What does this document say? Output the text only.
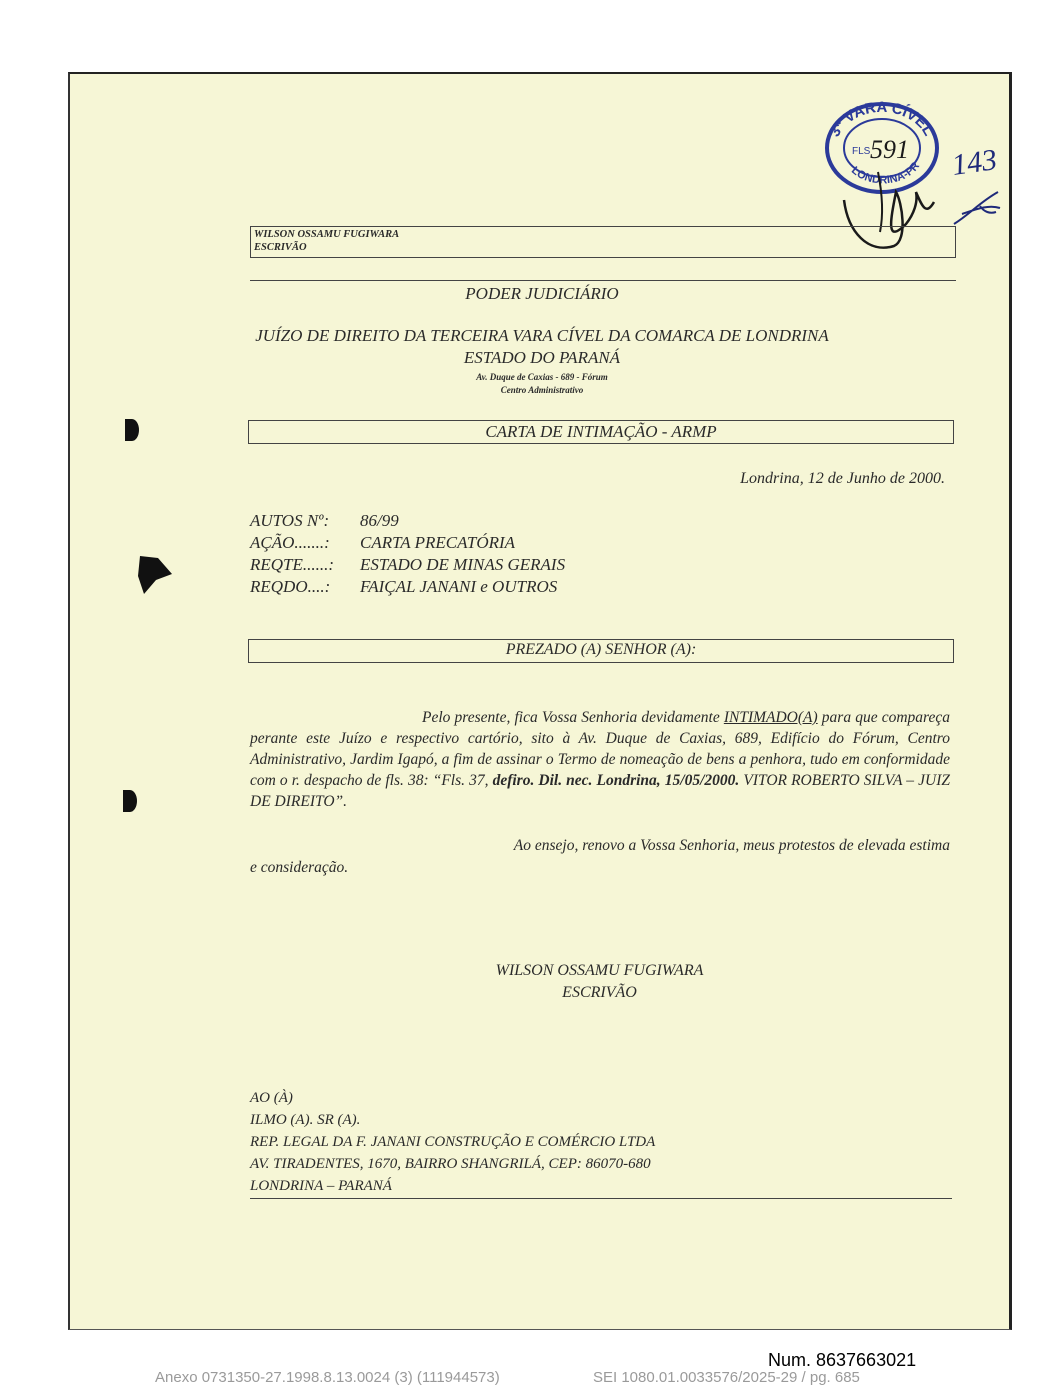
3ª VARA CÍVEL
LONDRINA-PR
FLS 591 143
WILSON OSSAMU FUGIWARA
ESCRIVÃO
PODER JUDICIÁRIO
JUÍZO DE DIREITO DA TERCEIRA VARA CÍVEL DA COMARCA DE LONDRINA
ESTADO DO PARANÁ
Av. Duque de Caxias - 689 - Fórum
Centro Administrativo
CARTA DE INTIMAÇÃO - ARMP
Londrina, 12 de Junho de 2000.
AUTOS Nº: 86/99
AÇÃO.......: CARTA PRECATÓRIA
REQTE......: ESTADO DE MINAS GERAIS
REQDO....: FAIÇAL JANANI e OUTROS
PREZADO (A) SENHOR (A):
Pelo presente, fica Vossa Senhoria devidamente INTIMADO(A) para que compareça perante este Juízo e respectivo cartório, sito à Av. Duque de Caxias, 689, Edifício do Fórum, Centro Administrativo, Jardim Igapó, a fim de assinar o Termo de nomeação de bens a penhora, tudo em conformidade com o r. despacho de fls. 38: “Fls. 37, defiro. Dil. nec. Londrina, 15/05/2000. VITOR ROBERTO SILVA – JUIZ DE DIREITO”.
Ao ensejo, renovo a Vossa Senhoria, meus protestos de elevada estima
e consideração.
WILSON OSSAMU FUGIWARA
ESCRIVÃO
AO (À)
ILMO (A). SR (A).
REP. LEGAL DA F. JANANI CONSTRUÇÃO E COMÉRCIO LTDA
AV. TIRADENTES, 1670, BAIRRO SHANGRILÁ, CEP: 86070-680
LONDRINA – PARANÁ
Num. 8637663021
Anexo 0731350-27.1998.8.13.0024 (3) (111944573)	SEI 1080.01.0033576/2025-29 / pg. 685
